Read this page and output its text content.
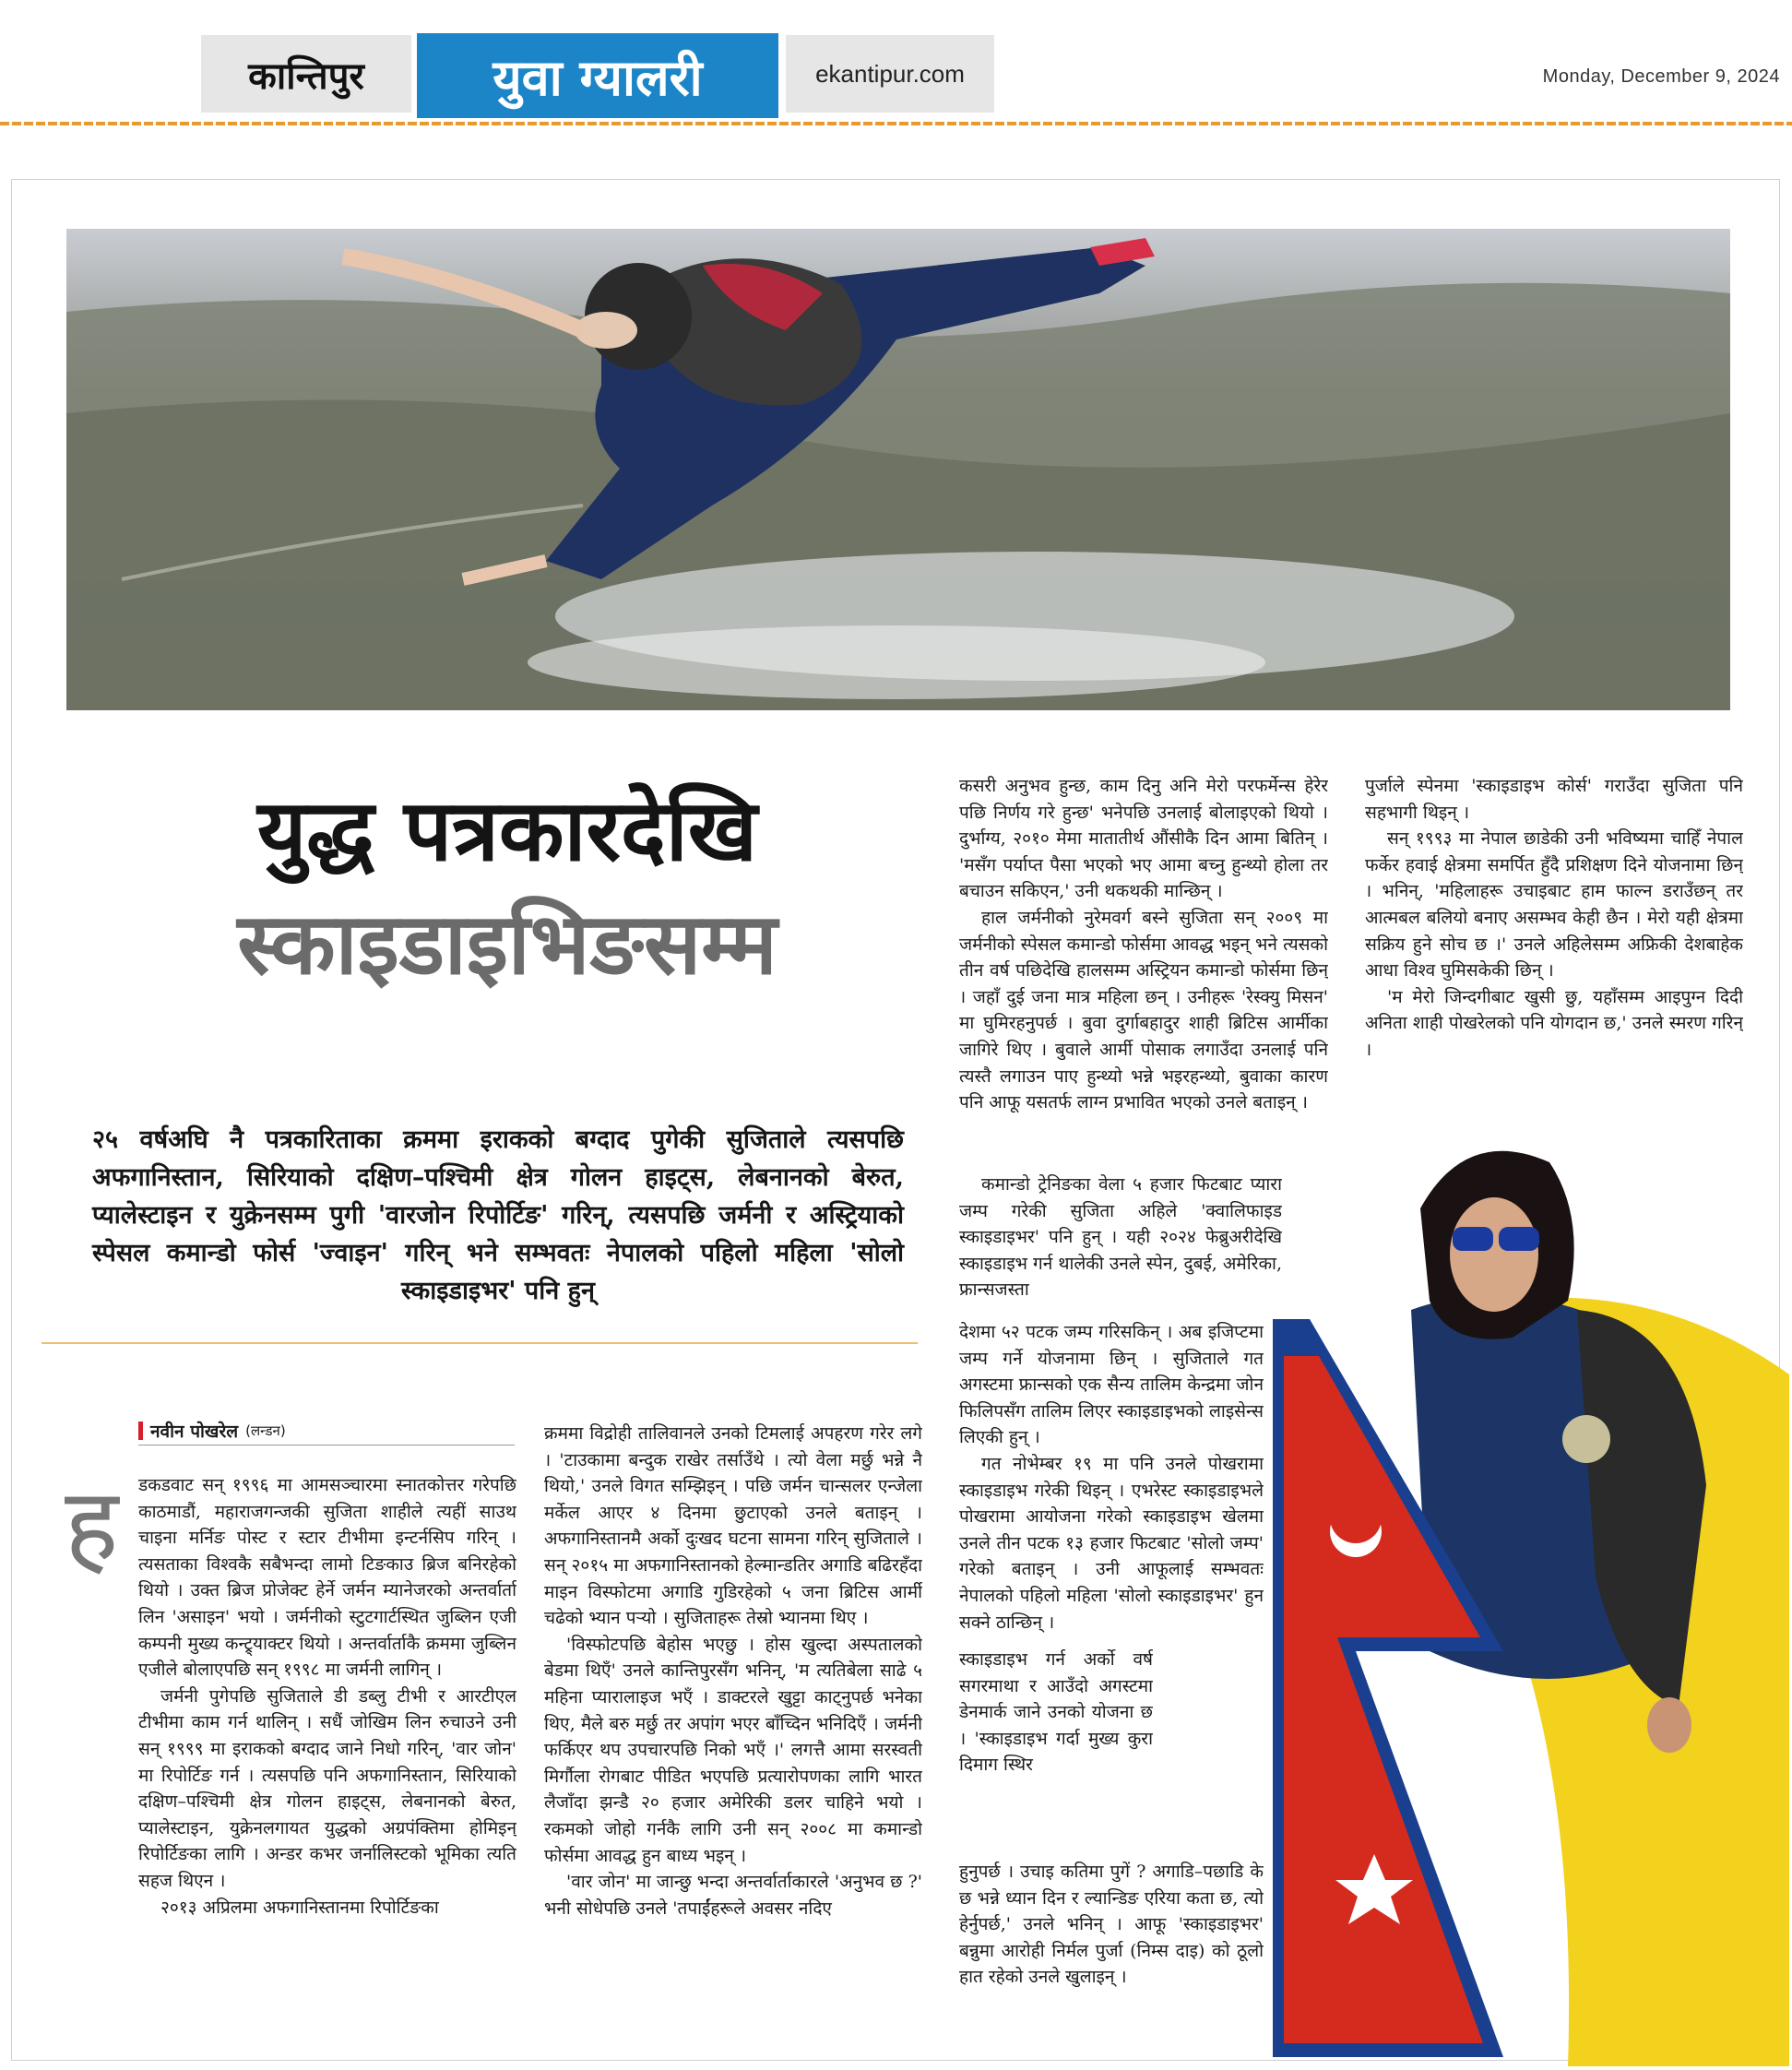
कान्तिपुर	युवा ग्यालरी	ekantipur.com	Monday, December 9, 2024
युद्ध पत्रकारदेखि
स्काइडाइभिङसम्म
२५ वर्षअघि नै पत्रकारिताका क्रममा इराकको बग्दाद पुगेकी सुजिताले त्यसपछि अफगानिस्तान, सिरियाको दक्षिण–पश्चिमी क्षेत्र गोलन हाइट्स, लेबनानको बेरुत, प्यालेस्टाइन र युक्रेनसम्म पुगी 'वारजोन रिपोर्टिङ' गरिन्, त्यसपछि जर्मनी र अस्ट्रियाको स्पेसल कमान्डो फोर्स 'ज्वाइन' गरिन् भने सम्भवतः नेपालको पहिलो महिला 'सोलो स्काइडाइभर' पनि हुन्
नवीन पोखरेल (लन्डन)
ह डकडवाट सन् १९९६ मा आमसञ्चारमा स्नातकोत्तर गरेपछि काठमाडौं, महाराजगन्जकी सुजिता शाहीले त्यहीं साउथ चाइना मर्निङ पोस्ट र स्टार टीभीमा इन्टर्नसिप गरिन् । त्यसताका विश्वकै सबैभन्दा लामो टिङकाउ ब्रिज बनिरहेको थियो । उक्त ब्रिज प्रोजेक्ट हेर्ने जर्मन म्यानेजरको अन्तर्वार्ता लिन 'असाइन' भयो । जर्मनीको स्टुटगार्टस्थित जुब्लिन एजी कम्पनी मुख्य कन्ट्र्याक्टर थियो । अन्तर्वार्ताकै क्रममा जुब्लिन एजीले बोलाएपछि सन् १९९८ मा जर्मनी लागिन् ।

जर्मनी पुगेपछि सुजिताले डी डब्लु टीभी र आरटीएल टीभीमा काम गर्न थालिन् । सधैं जोखिम लिन रुचाउने उनी सन् १९९९ मा इराकको बग्दाद जाने निधो गरिन्, 'वार जोन' मा रिपोर्टिङ गर्न । त्यसपछि पनि अफगानिस्तान, सिरियाको दक्षिण–पश्चिमी क्षेत्र गोलन हाइट्स, लेबनानको बेरुत, प्यालेस्टाइन, युक्रेनलगायत युद्धको अग्रपंक्तिमा होमिइन् रिपोर्टिङका लागि । अन्डर कभर जर्नालिस्टको भूमिका त्यति सहज थिएन ।

२०१३ अप्रिलमा अफगानिस्तानमा रिपोर्टिङका

क्रममा विद्रोही तालिवानले उनको टिमलाई अपहरण गरेर लगे । 'टाउकामा बन्दुक राखेर तर्साउँथे । त्यो वेला मर्छु भन्ने नै थियो,' उनले विगत सम्झिइन् । पछि जर्मन चान्सलर एन्जेला मर्केल आएर ४ दिनमा छुटाएको उनले बताइन् । अफगानिस्तानमै अर्को दुःखद घटना सामना गरिन् सुजिताले । सन् २०१५ मा अफगानिस्तानको हेल्मान्डतिर अगाडि बढिरहँदा माइन विस्फोटमा अगाडि गुडिरहेको ५ जना ब्रिटिस आर्मी चढेको भ्यान पऱ्यो । सुजिताहरू तेस्रो भ्यानमा थिए ।

'विस्फोटपछि बेहोस भएछु । होस खुल्दा अस्पतालको बेडमा थिएँ' उनले कान्तिपुरसँग भनिन्, 'म त्यतिबेला साढे ५ महिना प्यारालाइज भएँ । डाक्टरले खुट्टा काट्नुपर्छ भनेका थिए, मैले बरु मर्छु तर अपांग भएर बाँच्दिन भनिदिएँ । जर्मनी फर्किएर थप उपचारपछि निको भएँ ।' लगत्तै आमा सरस्वती मिर्गौला रोगबाट पीडित भएपछि प्रत्यारोपणका लागि भारत लैजाँदा झन्डै २० हजार अमेरिकी डलर चाहिने भयो । रकमको जोहो गर्नकै लागि उनी सन् २००८ मा कमान्डो फोर्समा आवद्ध हुन बाध्य भइन् ।

'वार जोन' मा जान्छु भन्दा अन्तर्वार्ताकारले 'अनुभव छ ?' भनी सोधेपछि उनले 'तपाईंहरूले अवसर नदिए

कसरी अनुभव हुन्छ, काम दिनु अनि मेरो परफर्मेन्स हेरेर पछि निर्णय गरे हुन्छ' भनेपछि उनलाई बोलाइएको थियो । दुर्भाग्य, २०१० मेमा मातातीर्थ औंसीकै दिन आमा बितिन् । 'मसँग पर्याप्त पैसा भएको भए आमा बच्नु हुन्थ्यो होला तर बचाउन सकिएन,' उनी थकथकी मान्छिन् ।

हाल जर्मनीको नुरेमवर्ग बस्ने सुजिता सन् २००९ मा जर्मनीको स्पेसल कमान्डो फोर्समा आवद्ध भइन् भने त्यसको तीन वर्ष पछिदेखि हालसम्म अस्ट्रियन कमान्डो फोर्समा छिन् । जहाँ दुई जना मात्र महिला छन् । उनीहरू 'रेस्क्यु मिसन' मा घुमिरहनुपर्छ । बुवा दुर्गाबहादुर शाही ब्रिटिस आर्मीका जागिरे थिए । बुवाले आर्मी पोसाक लगाउँदा उनलाई पनि त्यस्तै लगाउन पाए हुन्थ्यो भन्ने भइरहन्थ्यो, बुवाका कारण पनि आफू यसतर्फ लाग्न प्रभावित भएको उनले बताइन् ।

कमान्डो ट्रेनिङका वेला ५ हजार फिटबाट प्यारा जम्प गरेकी सुजिता अहिले 'क्वालिफाइड स्काइडाइभर' पनि हुन् । यही २०२४ फेब्रुअरीदेखि स्काइडाइभ गर्न थालेकी उनले स्पेन, दुबई, अमेरिका, फ्रान्सजस्ता

देशमा ५२ पटक जम्प गरिसकिन् । अब इजिप्टमा जम्प गर्ने योजनामा छिन् । सुजिताले गत अगस्टमा फ्रान्सको एक सैन्य तालिम केन्द्रमा जोन फिलिपसँग तालिम लिएर स्काइडाइभको लाइसेन्स लिएकी हुन् ।

गत नोभेम्बर १९ मा पनि उनले पोखरामा स्काइडाइभ गरेकी थिइन् । एभरेस्ट स्काइडाइभले पोखरामा आयोजना गरेको स्काइडाइभ खेलमा उनले तीन पटक १३ हजार फिटबाट 'सोलो जम्प' गरेको बताइन् । उनी आफूलाई सम्भवतः नेपालको पहिलो महिला 'सोलो स्काइडाइभर' हुन सक्ने ठान्छिन् ।

स्काइडाइभ गर्न अर्को वर्ष सगरमाथा र आउँदो अगस्टमा डेनमार्क जाने उनको योजना छ । 'स्काइडाइभ गर्दा मुख्य कुरा दिमाग स्थिर

हुनुपर्छ । उचाइ कतिमा पुगें ? अगाडि–पछाडि के छ भन्ने ध्यान दिन र ल्यान्डिङ एरिया कता छ, त्यो हेर्नुपर्छ,' उनले भनिन् । आफू 'स्काइडाइभर' बन्नुमा आरोही निर्मल पुर्जा (निम्स दाइ) को ठूलो हात रहेको उनले खुलाइन् ।

पुर्जाले स्पेनमा 'स्काइडाइभ कोर्स' गराउँदा सुजिता पनि सहभागी थिइन् ।

सन् १९९३ मा नेपाल छाडेकी उनी भविष्यमा चाहिँ नेपाल फर्केर हवाई क्षेत्रमा समर्पित हुँदै प्रशिक्षण दिने योजनामा छिन् । भनिन्, 'महिलाहरू उचाइबाट हाम फाल्न डराउँछन् तर आत्मबल बलियो बनाए असम्भव केही छैन । मेरो यही क्षेत्रमा सक्रिय हुने सोच छ ।' उनले अहिलेसम्म अफ्रिकी देशबाहेक आधा विश्व घुमिसकेकी छिन् ।

'म मेरो जिन्दगीबाट खुसी छु, यहाँसम्म आइपुग्न दिदी अनिता शाही पोखरेलको पनि योगदान छ,' उनले स्मरण गरिन् ।
